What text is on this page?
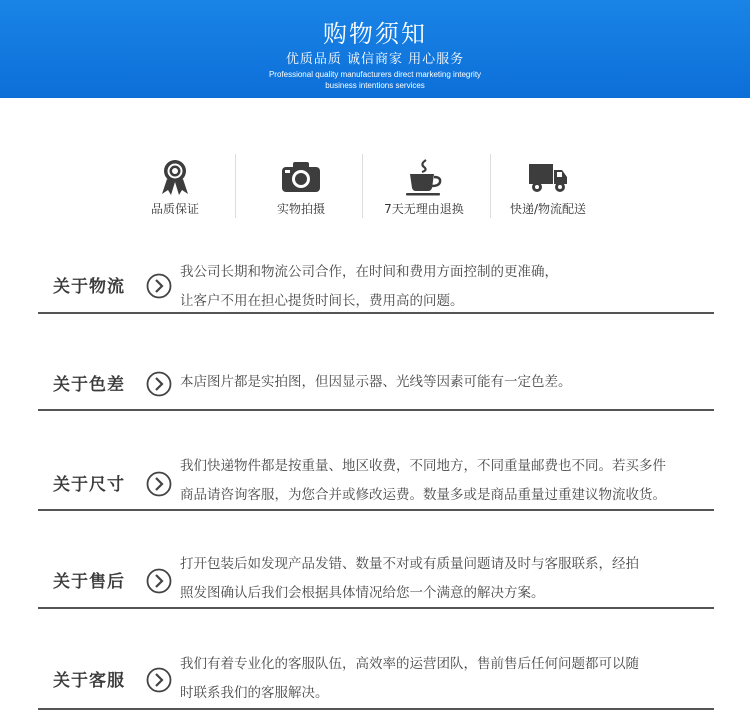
购物须知
优质品质 诚信商家 用心服务
Professional quality manufacturers direct marketing integrity
business intentions services
品质保证	实物拍摄	7天无理由退换	快递/物流配送
关于物流
我公司长期和物流公司合作，在时间和费用方面控制的更准确，
让客户不用在担心提货时间长，费用高的问题。
关于色差	本店图片都是实拍图，但因显示器、光线等因素可能有一定色差。
关于尺寸
我们快递物件都是按重量、地区收费，不同地方，不同重量邮费也不同。若买多件
商品请咨询客服，为您合并或修改运费。数量多或是商品重量过重建议物流收货。
关于售后
打开包装后如发现产品发错、数量不对或有质量问题请及时与客服联系，经拍
照发图确认后我们会根据具体情况给您一个满意的解决方案。
关于客服
我们有着专业化的客服队伍，高效率的运营团队，售前售后任何问题都可以随
时联系我们的客服解决。
